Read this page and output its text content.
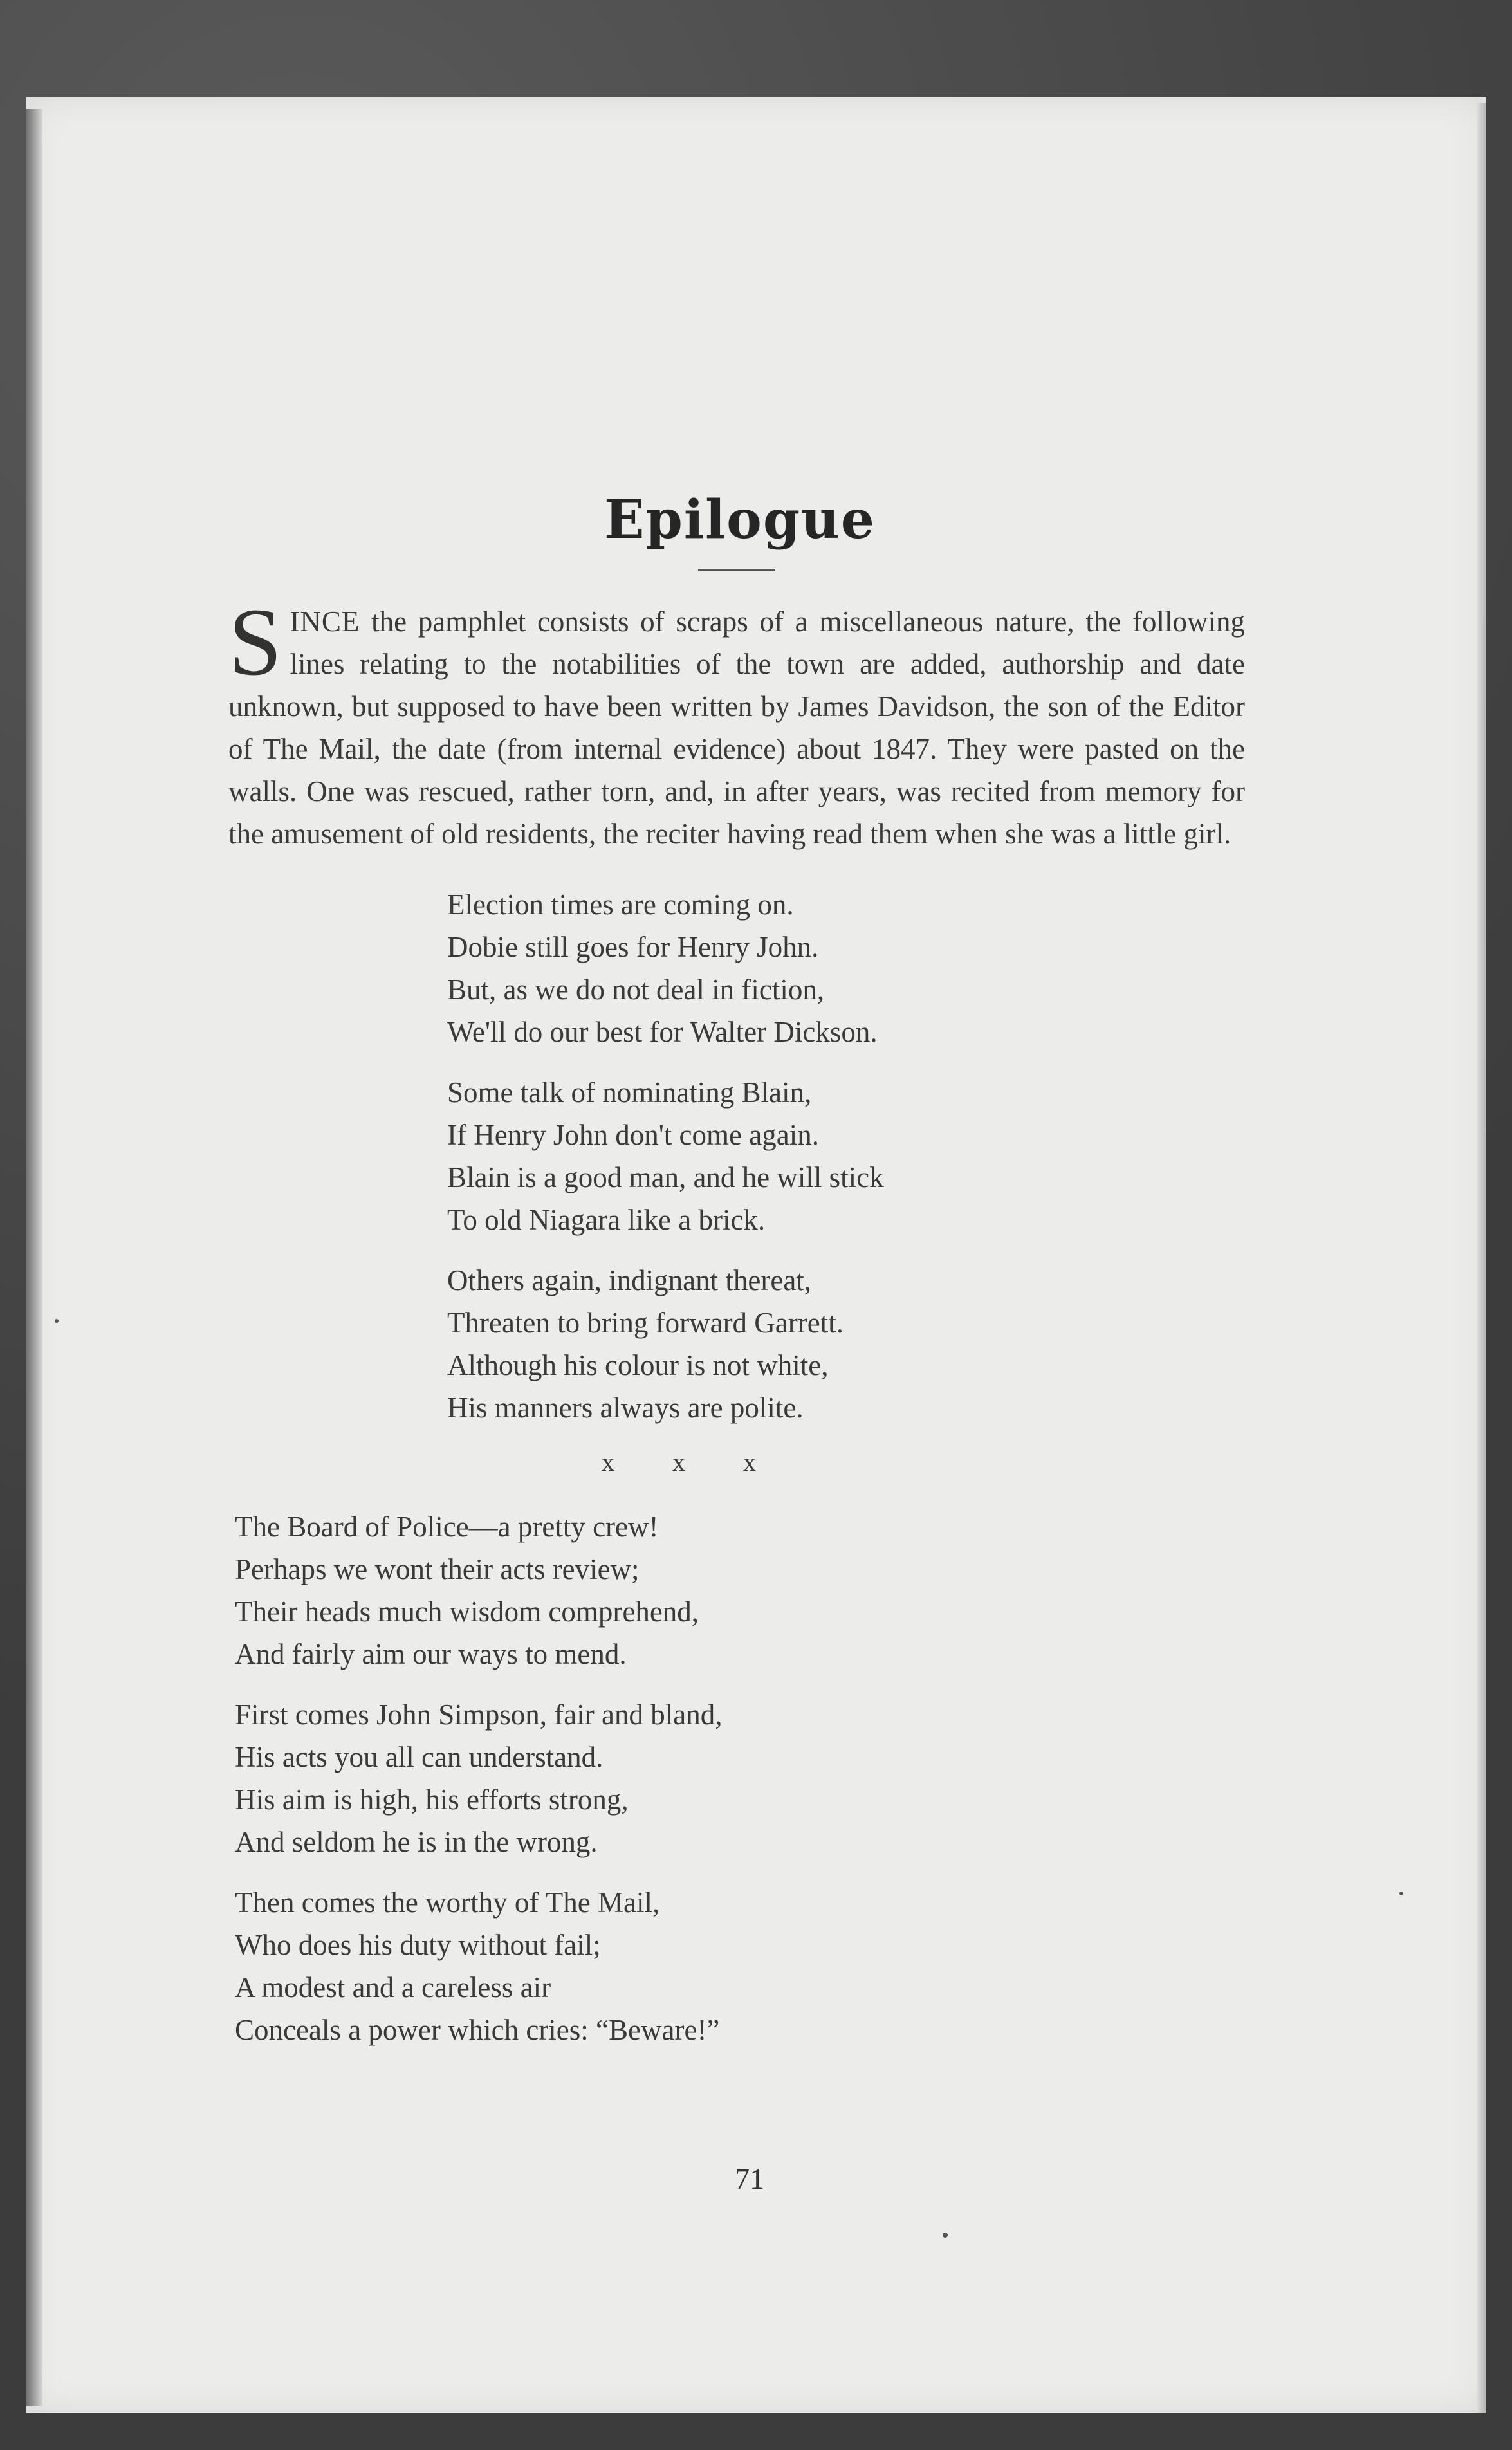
Epilogue

SINCE the pamphlet consists of scraps of a miscellaneous nature, the following lines relating to the notabilities of the town are added, authorship and date unknown, but supposed to have been written by James Davidson, the son of the Editor of The Mail, the date (from internal evidence) about 1847. They were pasted on the walls. One was rescued, rather torn, and, in after years, was recited from memory for the amusement of old residents, the reciter having read them when she was a little girl.

Election times are coming on.
Dobie still goes for Henry John.
But, as we do not deal in fiction,
We'll do our best for Walter Dickson.
Some talk of nominating Blain,
If Henry John don't come again.
Blain is a good man, and he will stick
To old Niagara like a brick.
Others again, indignant thereat,
Threaten to bring forward Garrett.
Although his colour is not white,
His manners always are polite.
x x x
The Board of Police—a pretty crew!
Perhaps we wont their acts review;
Their heads much wisdom comprehend,
And fairly aim our ways to mend.
First comes John Simpson, fair and bland,
His acts you all can understand.
His aim is high, his efforts strong,
And seldom he is in the wrong.
Then comes the worthy of The Mail,
Who does his duty without fail;
A modest and a careless air
Conceals a power which cries: “Beware!”
71
